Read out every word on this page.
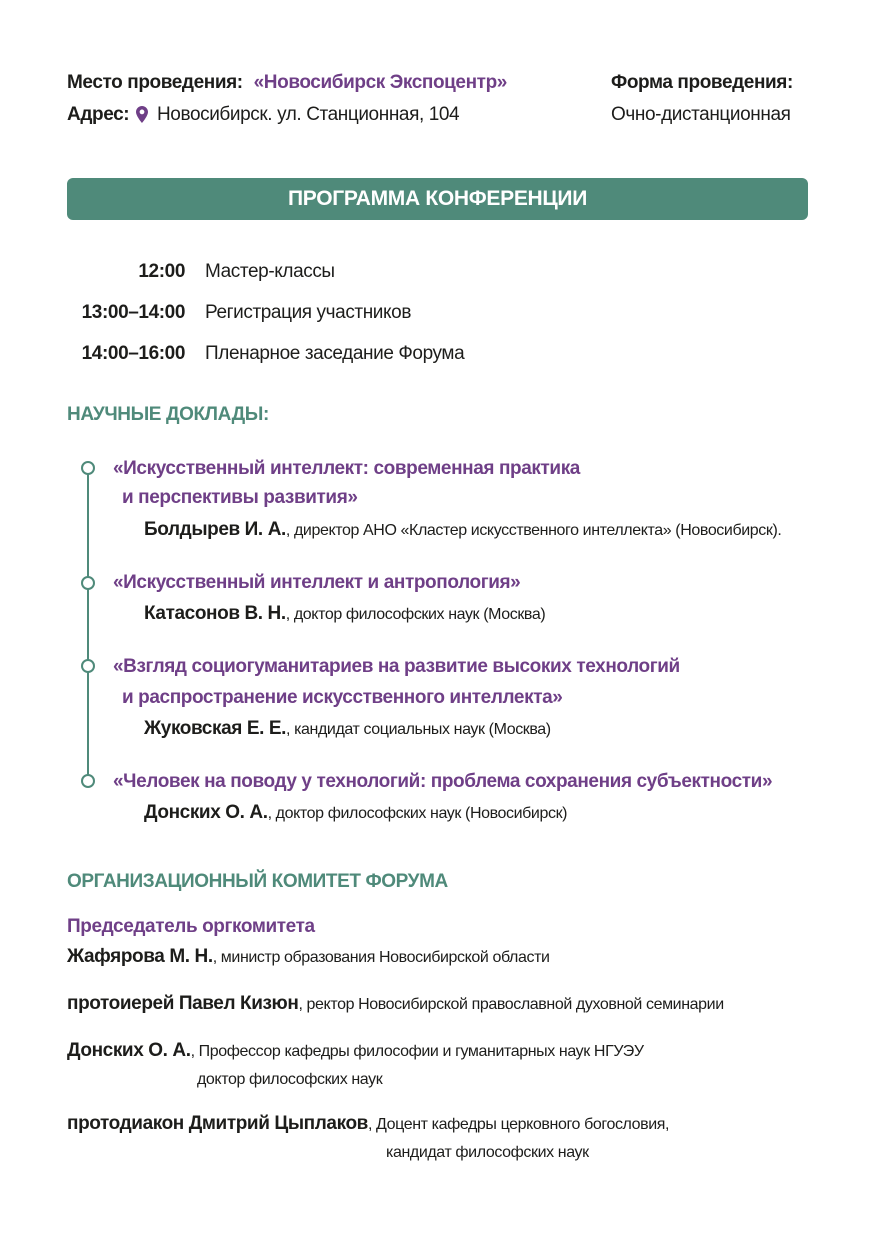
Место проведения: «Новосибирск Экспоцентр»
Адрес: Новосибирск. ул. Станционная, 104
Форма проведения:
Очно-дистанционная
ПРОГРАММА КОНФЕРЕНЦИИ
12:00 Мастер-классы
13:00–14:00 Регистрация участников
14:00–16:00 Пленарное заседание Форума
НАУЧНЫЕ ДОКЛАДЫ:
«Искусственный интеллект: современная практика
и перспективы развития»
Болдырев И. А., директор АНО «Кластер искусственного интеллекта» (Новосибирск).
«Искусственный интеллект и антропология»
Катасонов В. Н., доктор философских наук (Москва)
«Взгляд социогуманитариев на развитие высоких технологий
и распространение искусственного интеллекта»
Жуковская Е. Е., кандидат социальных наук (Москва)
«Человек на поводу у технологий: проблема сохранения субъектности»
Донских О. А., доктор философских наук (Новосибирск)
ОРГАНИЗАЦИОННЫЙ КОМИТЕТ ФОРУМА
Председатель оргкомитета
Жафярова М. Н., министр образования Новосибирской области
протоиерей Павел Кизюн, ректор Новосибирской православной духовной семинарии
Донских О. А., Профессор кафедры философии и гуманитарных наук НГУЭУ
доктор философских наук
протодиакон Дмитрий Цыплаков, Доцент кафедры церковного богословия,
кандидат философских наук
